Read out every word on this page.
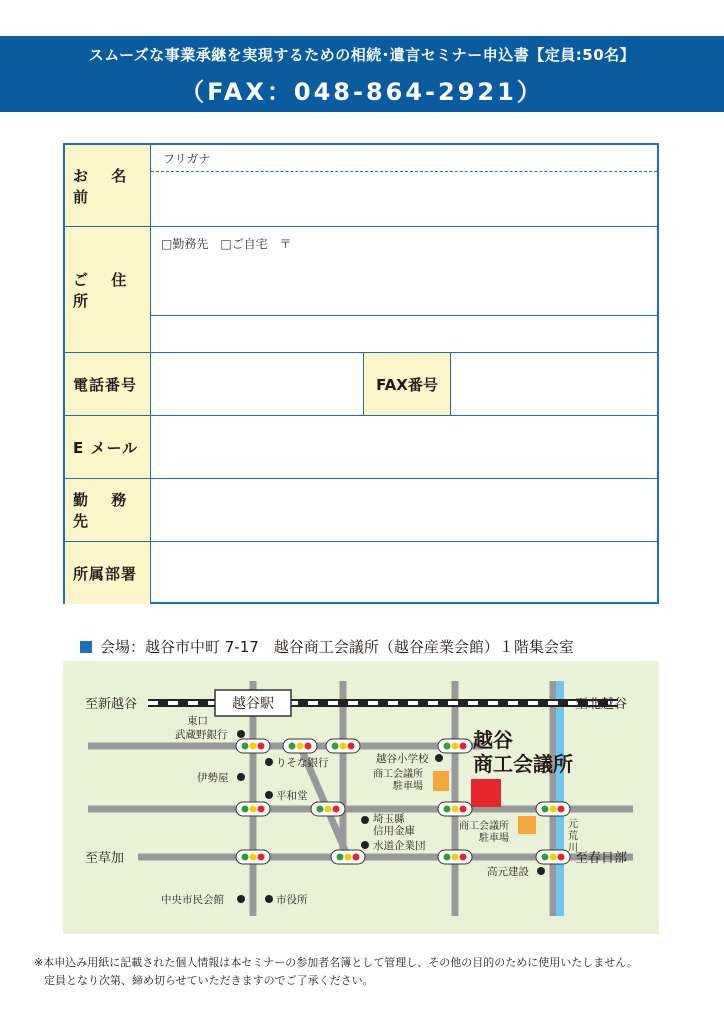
スムーズな事業承継を実現するための相続･遺言セミナー申込書【定員:50名】
（FAX：048-864-2921）
お 名 前
フリガナ
ご 住 所
□勤務先　□ご自宅　〒
電話番号	FAX番号
E メール
勤 務 先
所属部署
会場：越谷市中町 7-17　越谷商工会議所（越谷産業会館）１階集会室
至新越谷	至北越谷
越谷駅
東口
武蔵野銀行
りそな銀行
伊勢屋
平和堂
越谷小学校
商工会議所
駐車場
越谷
商工会議所
埼玉縣
信用金庫
水道企業団
商工会議所
駐車場
元
荒
川
至草加	至春日部
高元建設
中央市民会館	市役所
※本申込み用紙に記載された個人情報は本セミナーの参加者名簿として管理し、その他の目的のために使用いたしません。
定員となり次第、締め切らせていただきますのでご了承ください。
